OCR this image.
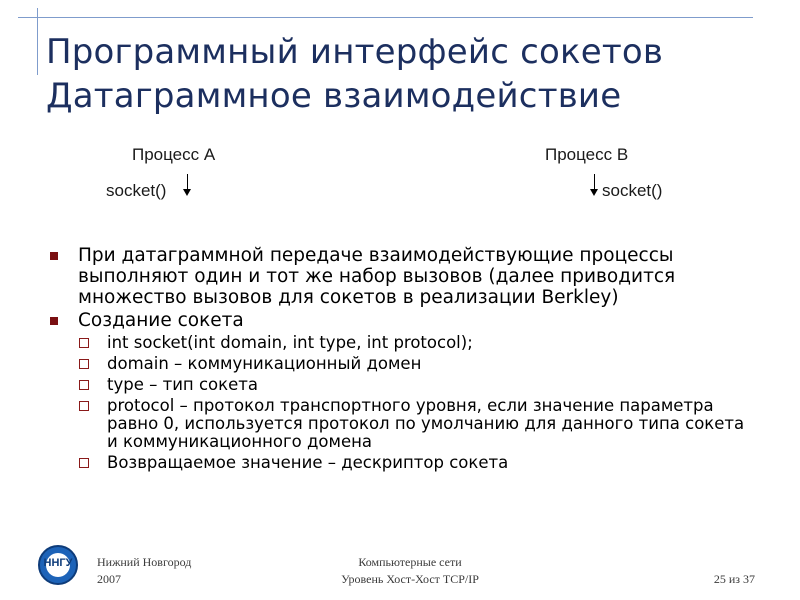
Программный интерфейс сокетов
Датаграммное взаимодействие
Процесс A	Процесс B
socket()	socket()
При датаграммной передаче взаимодействующие процессы выполняют один и тот же набор вызовов (далее приводится множество вызовов для сокетов в реализации Berkley)
Создание сокета
int socket(int domain, int type, int protocol);
domain – коммуникационный домен
type – тип сокета
protocol – протокол транспортного уровня, если значение параметра равно 0, используется протокол по умолчанию для данного типа сокета и коммуникационного домена
Возвращаемое значение – дескриптор сокета
ННГУ Нижний Новгород
2007
Компьютерные сети
Уровень Хост-Хост TCP/IP	25 из 37
